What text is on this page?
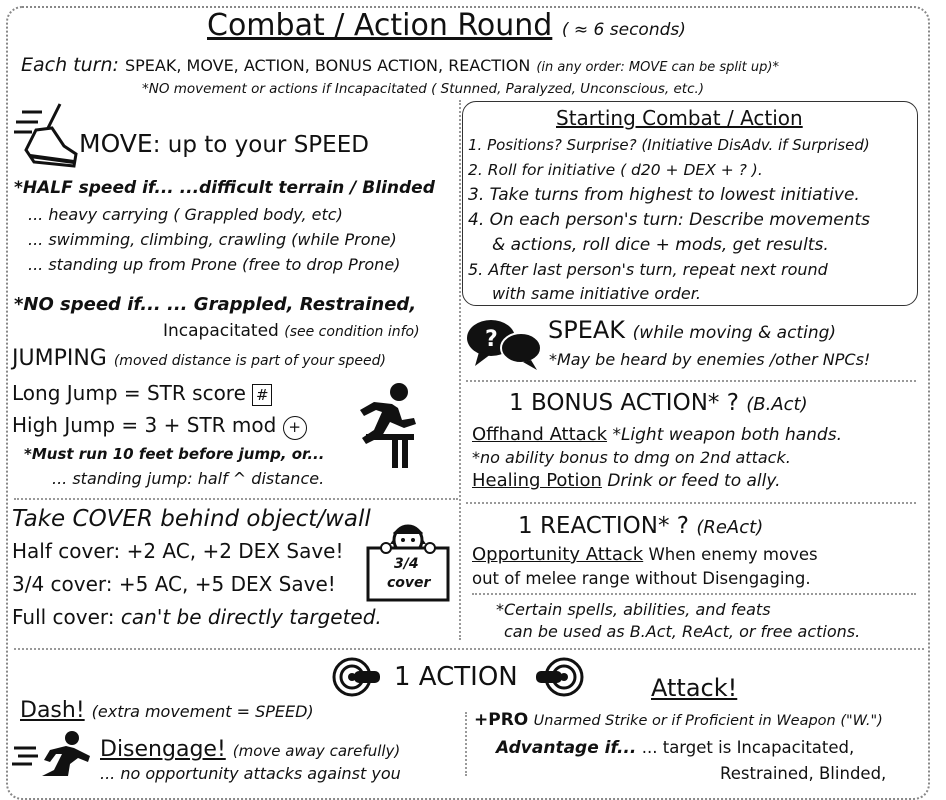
Combat / Action Round ( ≈ 6 seconds)
Each turn: SPEAK, MOVE, ACTION, BONUS ACTION, REACTION (in any order: MOVE can be split up)*
*NO movement or actions if Incapacitated ( Stunned, Paralyzed, Unconscious, etc.)
MOVE: up to your SPEED
*HALF speed if... ...difficult terrain / Blinded
... heavy carrying ( Grappled body, etc)
... swimming, climbing, crawling (while Prone)
... standing up from Prone (free to drop Prone)
*NO speed if... ... Grappled, Restrained,
Incapacitated (see condition info)
JUMPING (moved distance is part of your speed)
Long Jump = STR score #
High Jump = 3 + STR mod +
*Must run 10 feet before jump, or...
... standing jump: half ^ distance.
Take COVER behind object/wall
Half cover: +2 AC, +2 DEX Save!
3/4 cover: +5 AC, +5 DEX Save!
Full cover: can't be directly targeted.
3/4
cover
Starting Combat / Action
1. Positions? Surprise? (Initiative DisAdv. if Surprised)
2. Roll for initiative ( d20 + DEX + ? ).
3. Take turns from highest to lowest initiative.
4. On each person's turn: Describe movements
& actions, roll dice + mods, get results.
5. After last person's turn, repeat next round
with same initiative order.
? SPEAK (while moving & acting)
*May be heard by enemies /other NPCs!
1 BONUS ACTION* ? (B.Act)
Offhand Attack *Light weapon both hands.
*no ability bonus to dmg on 2nd attack.
Healing Potion Drink or feed to ally.
1 REACTION* ? (ReAct)
Opportunity Attack When enemy moves
out of melee range without Disengaging.
*Certain spells, abilities, and feats
can be used as B.Act, ReAct, or free actions.
1 ACTION	Attack!
Dash! (extra movement = SPEED)	+PRO Unarmed Strike or if Proficient in Weapon ("W.")
Advantage if... ... target is Incapacitated,
Restrained, Blinded,
Disengage! (move away carefully)
... no opportunity attacks against you
